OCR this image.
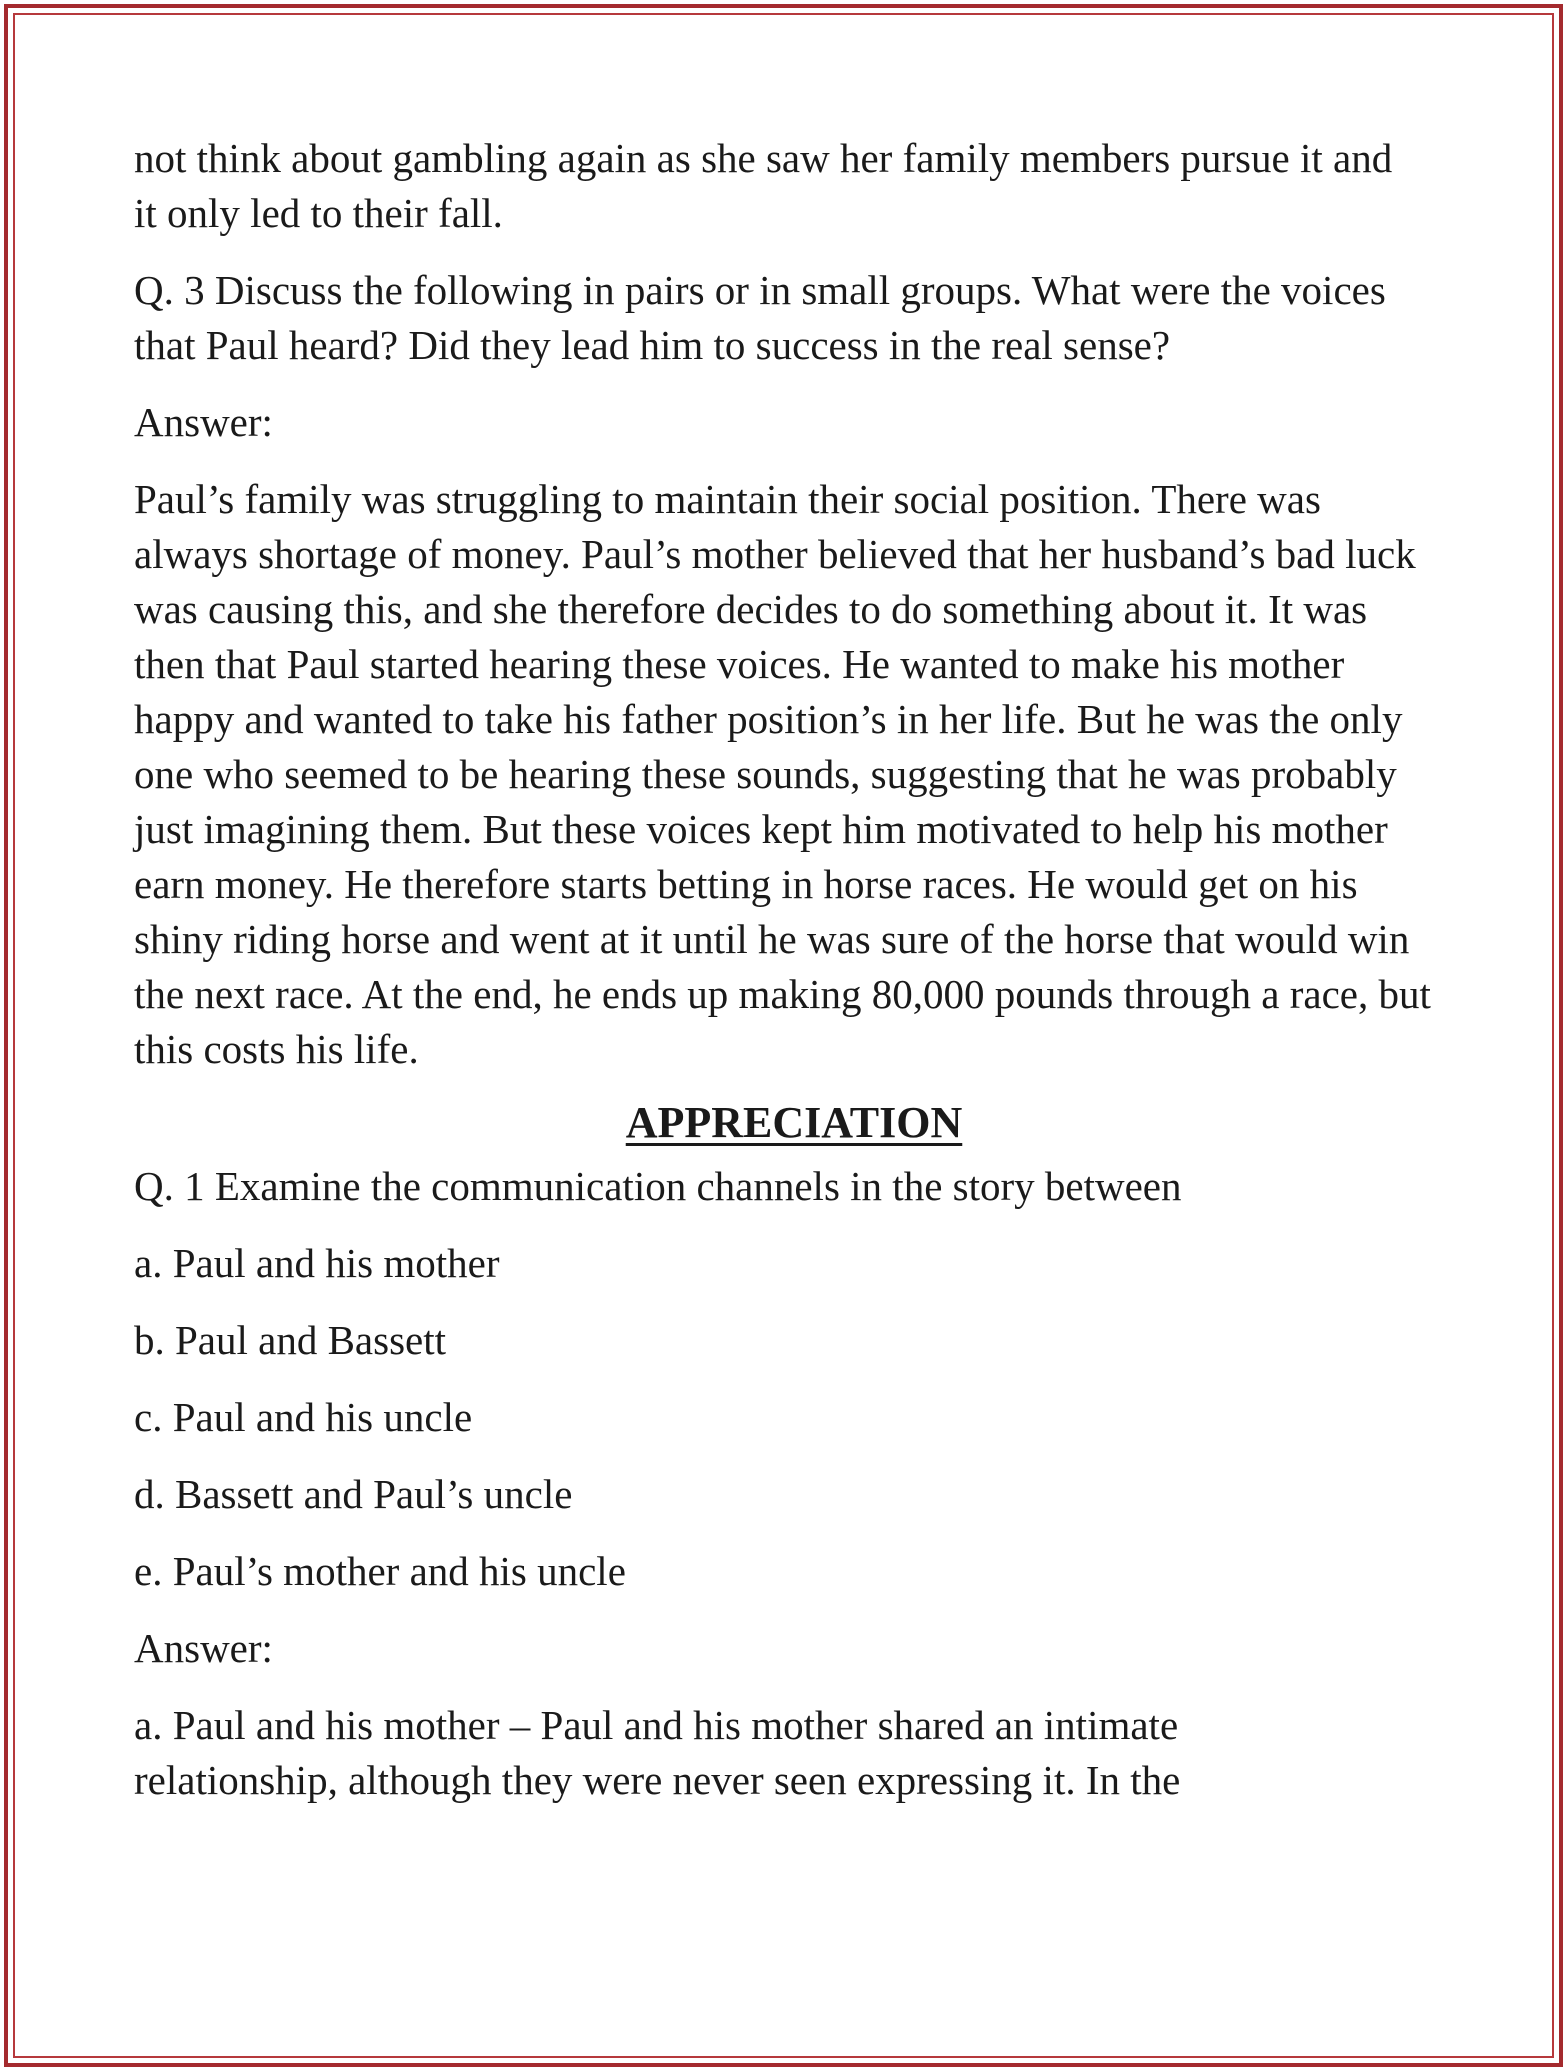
not think about gambling again as she saw her family members pursue it and it only led to their fall.

Q. 3 Discuss the following in pairs or in small groups. What were the voices that Paul heard? Did they lead him to success in the real sense?

Answer:

Paul’s family was struggling to maintain their social position. There was always shortage of money. Paul’s mother believed that her husband’s bad luck was causing this, and she therefore decides to do something about it. It was then that Paul started hearing these voices. He wanted to make his mother happy and wanted to take his father position’s in her life. But he was the only one who seemed to be hearing these sounds, suggesting that he was probably just imagining them. But these voices kept him motivated to help his mother earn money. He therefore starts betting in horse races. He would get on his shiny riding horse and went at it until he was sure of the horse that would win the next race. At the end, he ends up making 80,000 pounds through a race, but this costs his life.

APPRECIATION

Q. 1 Examine the communication channels in the story between

a. Paul and his mother

b. Paul and Bassett

c. Paul and his uncle

d. Bassett and Paul’s uncle

e. Paul’s mother and his uncle

Answer:

a. Paul and his mother – Paul and his mother shared an intimate relationship, although they were never seen expressing it. In the
